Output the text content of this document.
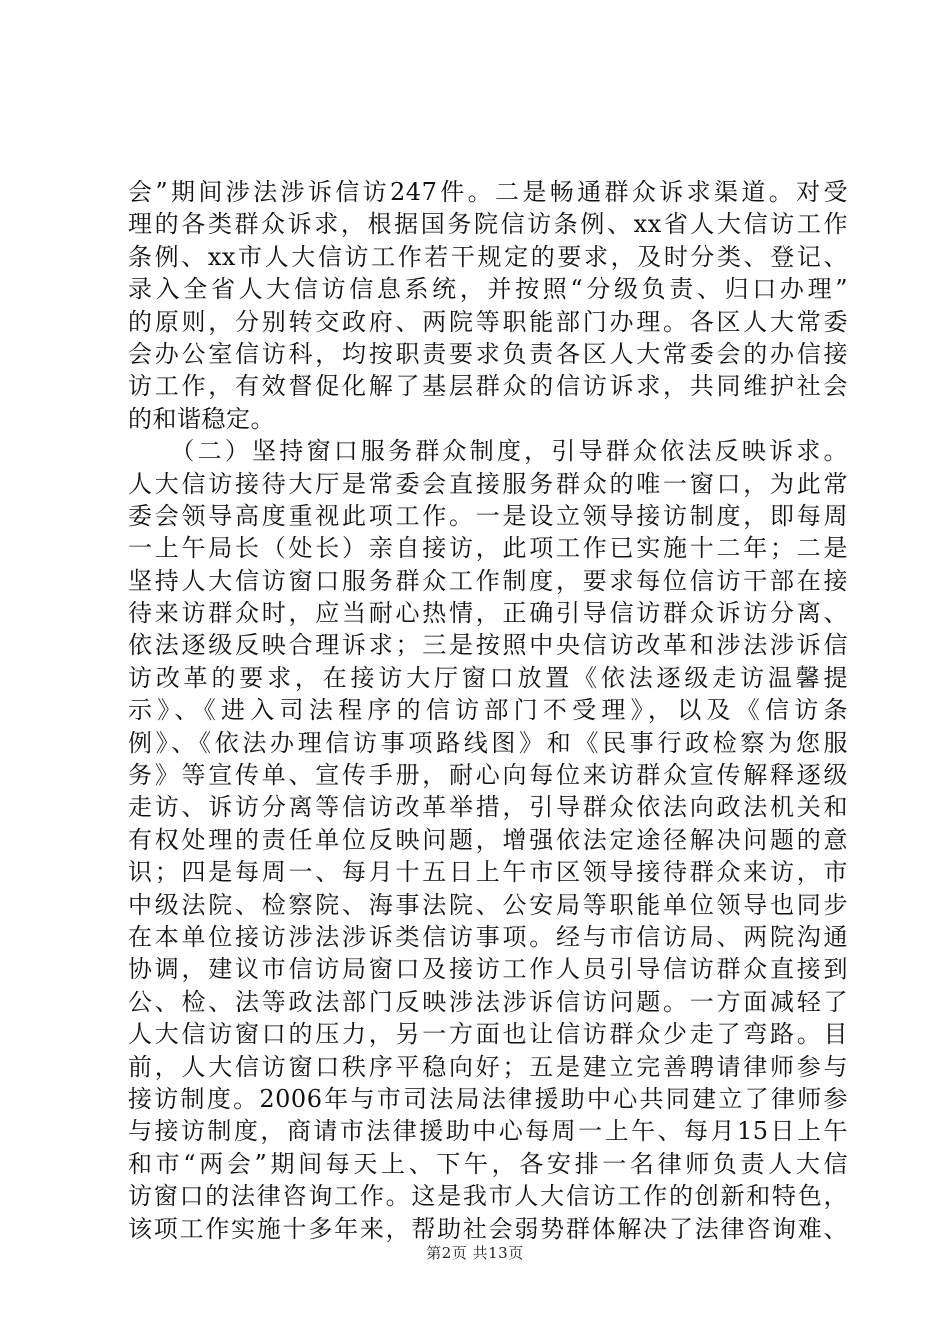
会”期间涉法涉诉信访247件。二是畅通群众诉求渠道。对受
理的各类群众诉求，根据国务院信访条例、xx省人大信访工作
条例、xx市人大信访工作若干规定的要求，及时分类、登记、
录入全省人大信访信息系统，并按照“分级负责、归口办理”
的原则，分别转交政府、两院等职能部门办理。各区人大常委
会办公室信访科，均按职责要求负责各区人大常委会的办信接
访工作，有效督促化解了基层群众的信访诉求，共同维护社会
的和谐稳定。
　　（二）坚持窗口服务群众制度，引导群众依法反映诉求。
人大信访接待大厅是常委会直接服务群众的唯一窗口，为此常
委会领导高度重视此项工作。一是设立领导接访制度，即每周
一上午局长（处长）亲自接访，此项工作已实施十二年；二是
坚持人大信访窗口服务群众工作制度，要求每位信访干部在接
待来访群众时，应当耐心热情，正确引导信访群众诉访分离、
依法逐级反映合理诉求；三是按照中央信访改革和涉法涉诉信
访改革的要求，在接访大厅窗口放置《依法逐级走访温馨提
示》、《进入司法程序的信访部门不受理》，以及《信访条
例》、《依法办理信访事项路线图》和《民事行政检察为您服
务》等宣传单、宣传手册，耐心向每位来访群众宣传解释逐级
走访、诉访分离等信访改革举措，引导群众依法向政法机关和
有权处理的责任单位反映问题，增强依法定途径解决问题的意
识；四是每周一、每月十五日上午市区领导接待群众来访，市
中级法院、检察院、海事法院、公安局等职能单位领导也同步
在本单位接访涉法涉诉类信访事项。经与市信访局、两院沟通
协调，建议市信访局窗口及接访工作人员引导信访群众直接到
公、检、法等政法部门反映涉法涉诉信访问题。一方面减轻了
人大信访窗口的压力，另一方面也让信访群众少走了弯路。目
前，人大信访窗口秩序平稳向好；五是建立完善聘请律师参与
接访制度。2006年与市司法局法律援助中心共同建立了律师参
与接访制度，商请市法律援助中心每周一上午、每月15日上午
和市“两会”期间每天上、下午，各安排一名律师负责人大信
访窗口的法律咨询工作。这是我市人大信访工作的创新和特色，
该项工作实施十多年来，帮助社会弱势群体解决了法律咨询难、
第2页 共13页
